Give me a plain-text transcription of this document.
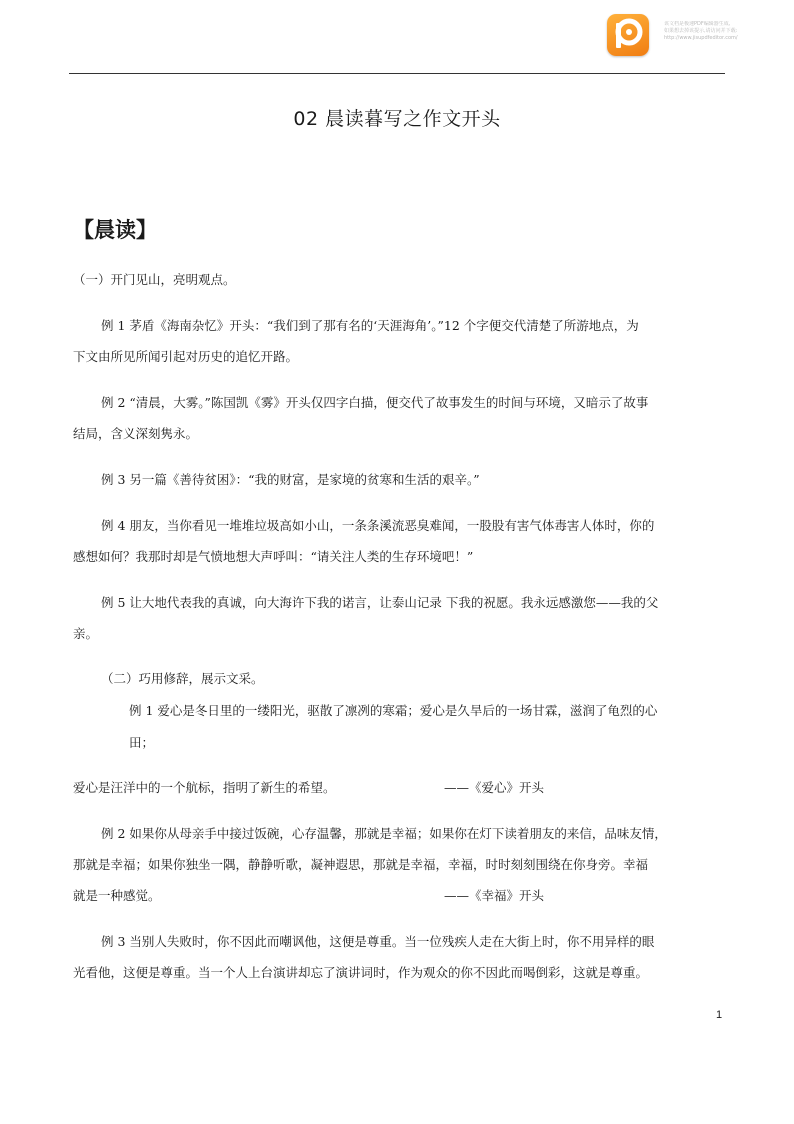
该文档是极速PDF编辑器生成,
如果想去掉该提示,请访问并下载:
http://www.jisupdfeditor.com/
02 晨读暮写之作文开头
【晨读】
（一）开门见山，亮明观点。
例 1 茅盾《海南杂忆》开头：“我们到了那有名的‘天涯海角’。”12 个字便交代清楚了所游地点，为
下文由所见所闻引起对历史的追忆开路。
例 2 “清晨，大雾。”陈国凯《雾》开头仅四字白描，便交代了故事发生的时间与环境，又暗示了故事
结局，含义深刻隽永。
例 3 另一篇《善待贫困》：“我的财富，是家境的贫寒和生活的艰辛。”
例 4 朋友，当你看见一堆堆垃圾高如小山，一条条溪流恶臭难闻，一股股有害气体毒害人体时，你的
感想如何？我那时却是气愤地想大声呼叫：“请关注人类的生存环境吧！”
例 5 让大地代表我的真诚，向大海许下我的诺言，让泰山记录 下我的祝愿。我永远感激您——我的父
亲。
（二）巧用修辞，展示文采。
例 1 爱心是冬日里的一缕阳光，驱散了凛冽的寒霜；爱心是久旱后的一场甘霖，滋润了龟烈的心
田；
爱心是汪洋中的一个航标，指明了新生的希望。	——《爱心》开头
例 2 如果你从母亲手中接过饭碗，心存温馨，那就是幸福；如果你在灯下读着朋友的来信，品味友情，
那就是幸福；如果你独坐一隅，静静听歌，凝神遐思，那就是幸福，幸福，时时刻刻围绕在你身旁。幸福
就是一种感觉。	——《幸福》开头
例 3 当别人失败时，你不因此而嘲讽他，这便是尊重。当一位残疾人走在大街上时，你不用异样的眼
光看他，这便是尊重。当一个人上台演讲却忘了演讲词时，作为观众的你不因此而喝倒彩，这就是尊重。
1
